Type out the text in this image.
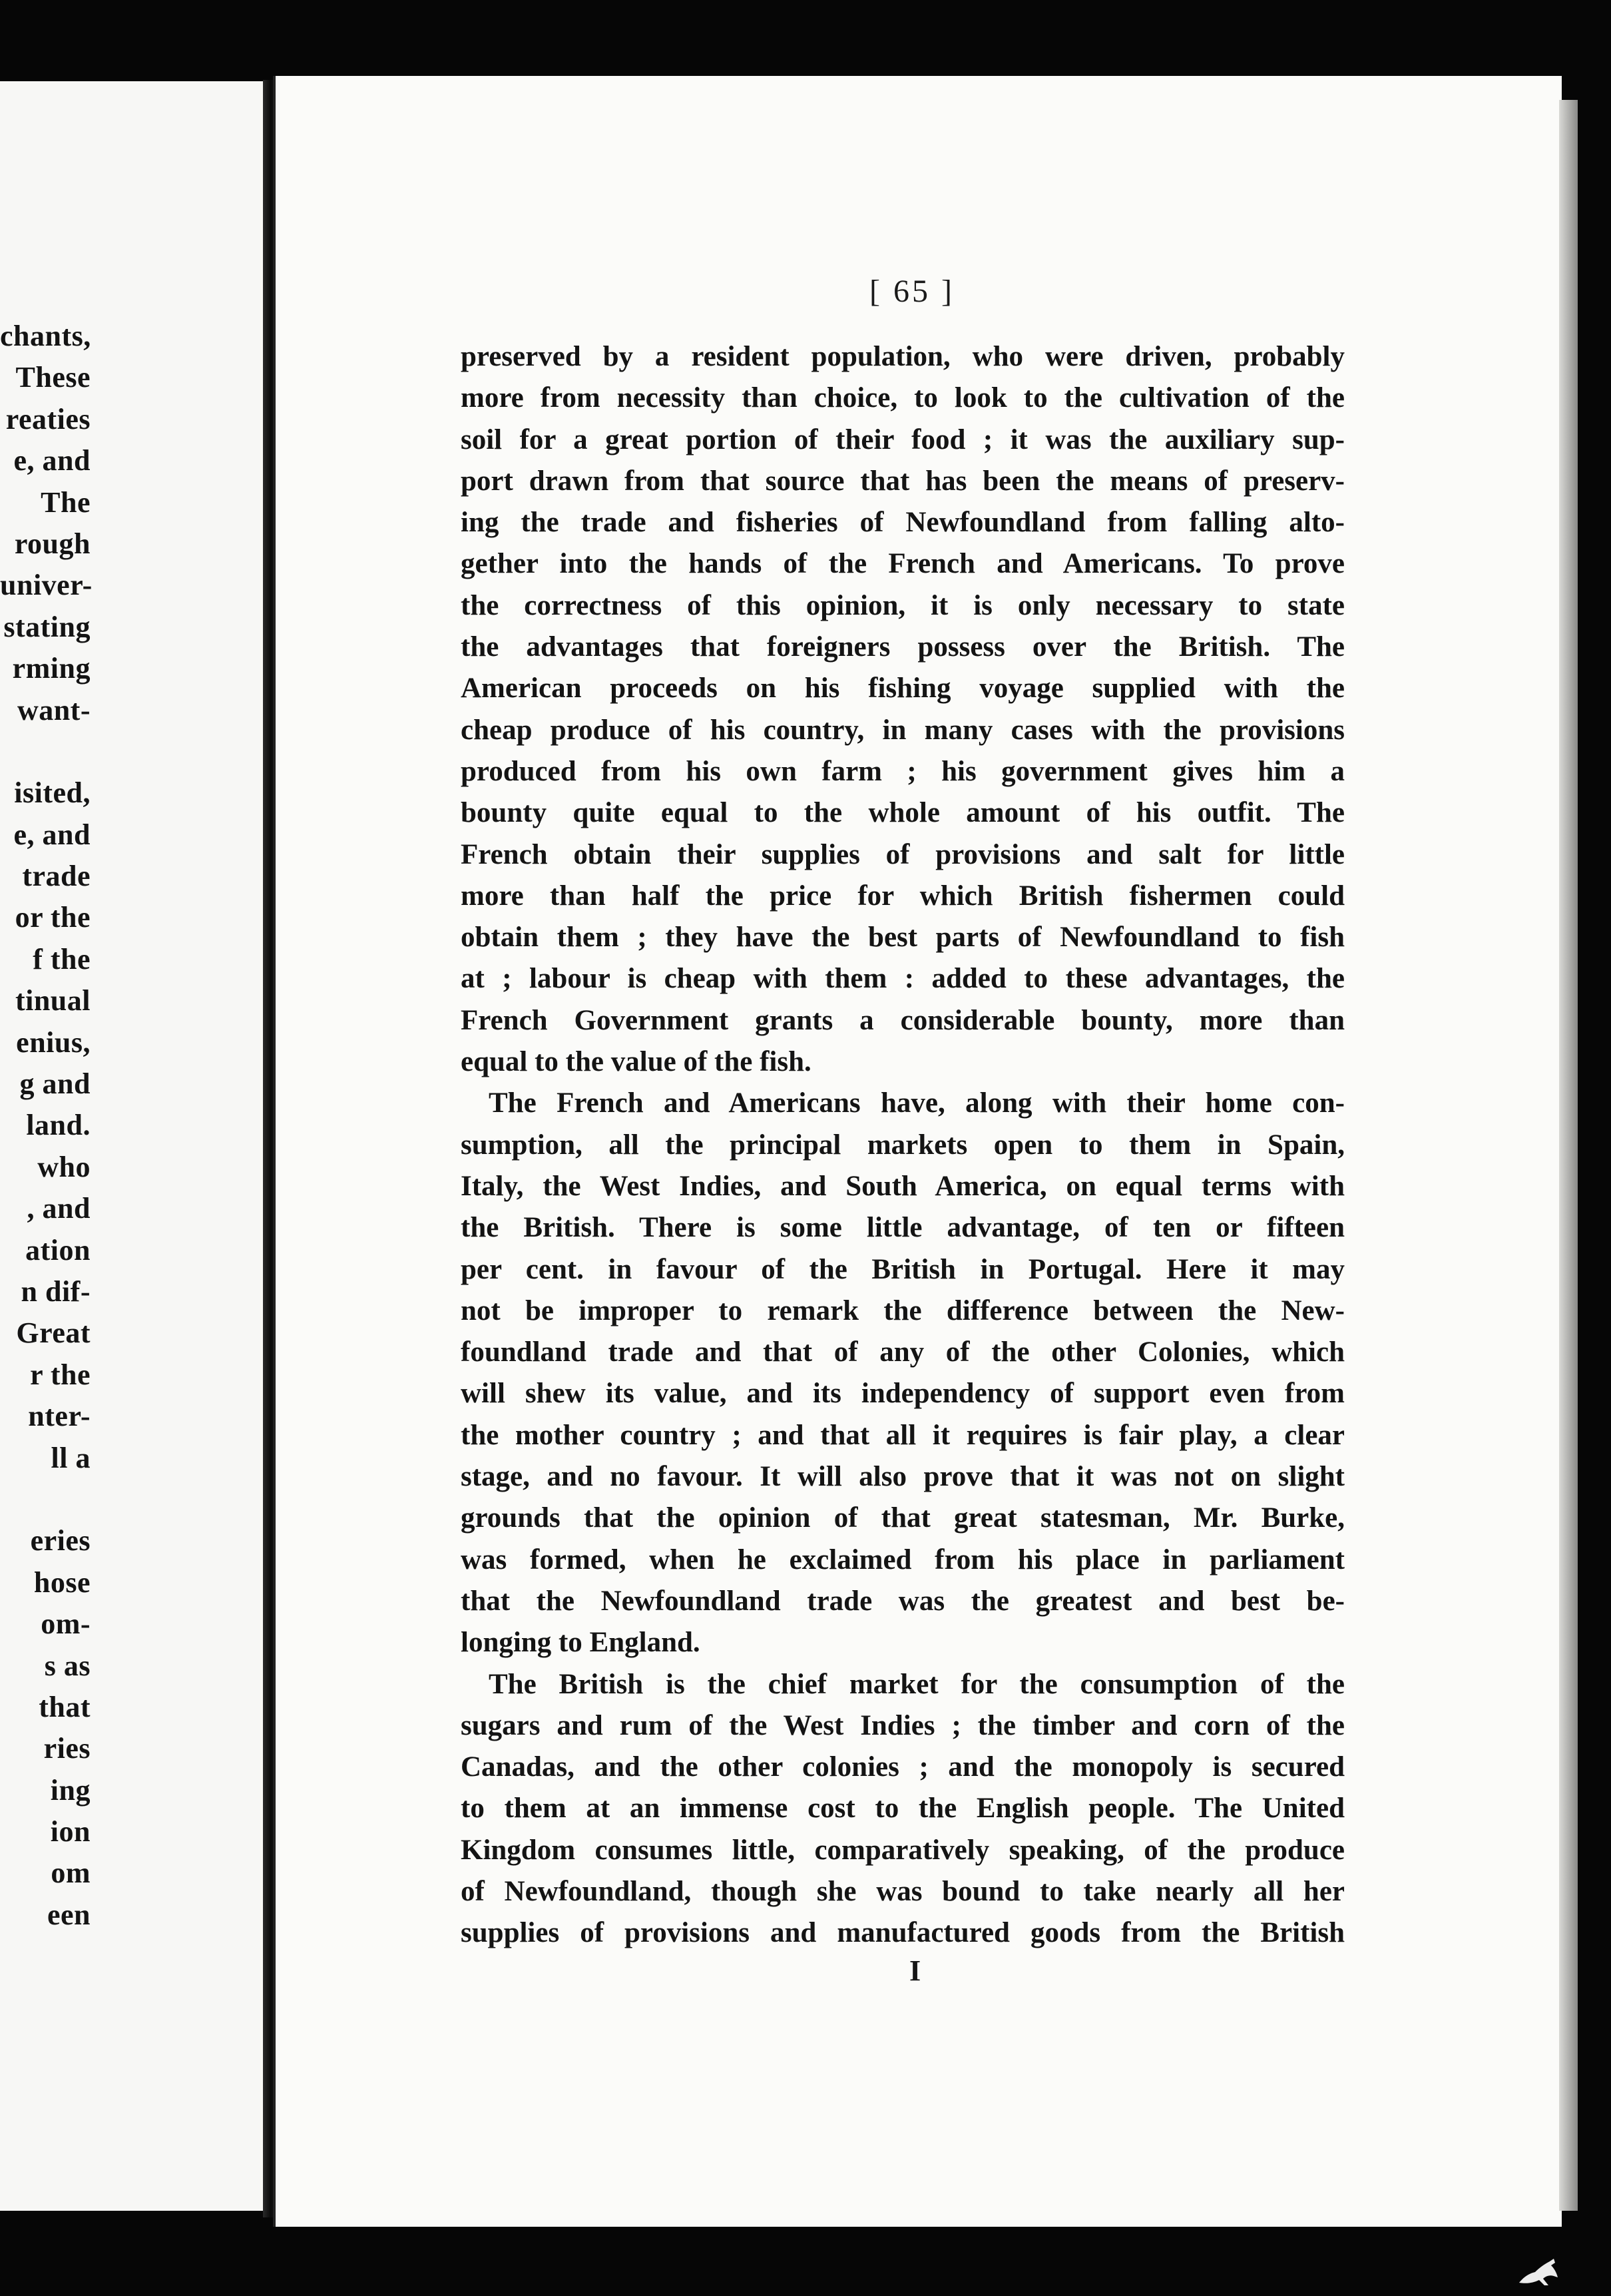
chants,
These
reaties
e, and
The
rough
univer-
stating
rming
want-
isited,
e, and
trade
or the
f the
tinual
enius,
g and
land.
who
, and
ation
n dif-
Great
r the
nter-
ll a
eries
hose
om-
s as
that
ries
ing
ion
om
een
[ 65 ]
preserved by a resident population, who were driven, probably
more from necessity than choice, to look to the cultivation of the
soil for a great portion of their food ; it was the auxiliary sup-
port drawn from that source that has been the means of preserv-
ing the trade and fisheries of Newfoundland from falling alto-
gether into the hands of the French and Americans. To prove
the correctness of this opinion, it is only necessary to state
the advantages that foreigners possess over the British. The
American proceeds on his fishing voyage supplied with the
cheap produce of his country, in many cases with the provisions
produced from his own farm ; his government gives him a
bounty quite equal to the whole amount of his outfit. The
French obtain their supplies of provisions and salt for little
more than half the price for which British fishermen could
obtain them ; they have the best parts of Newfoundland to fish
at ; labour is cheap with them : added to these advantages, the
French Government grants a considerable bounty, more than
equal to the value of the fish.
The French and Americans have, along with their home con-
sumption, all the principal markets open to them in Spain,
Italy, the West Indies, and South America, on equal terms with
the British. There is some little advantage, of ten or fifteen
per cent. in favour of the British in Portugal. Here it may
not be improper to remark the difference between the New-
foundland trade and that of any of the other Colonies, which
will shew its value, and its independency of support even from
the mother country ; and that all it requires is fair play, a clear
stage, and no favour. It will also prove that it was not on slight
grounds that the opinion of that great statesman, Mr. Burke,
was formed, when he exclaimed from his place in parliament
that the Newfoundland trade was the greatest and best be-
longing to England.
The British is the chief market for the consumption of the
sugars and rum of the West Indies ; the timber and corn of the
Canadas, and the other colonies ; and the monopoly is secured
to them at an immense cost to the English people. The United
Kingdom consumes little, comparatively speaking, of the produce
of Newfoundland, though she was bound to take nearly all her
supplies of provisions and manufactured goods from the British
I
